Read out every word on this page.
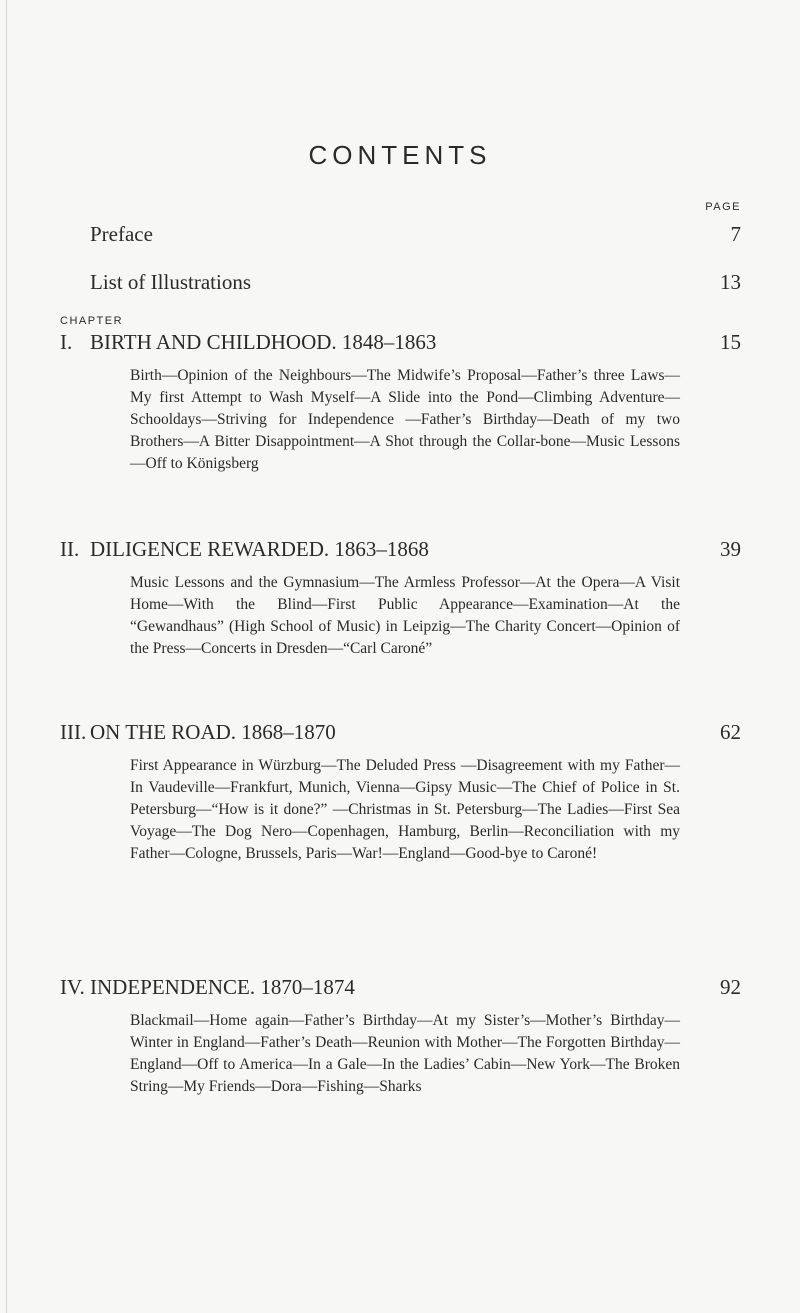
CONTENTS
PAGE
Preface	7
List of Illustrations	13
CHAPTER
I. BIRTH AND CHILDHOOD. 1848–1863	15
Birth—Opinion of the Neighbours—The Midwife’s Proposal—Father’s three Laws—My first Attempt to Wash Myself—A Slide into the Pond—Climbing Adventure—Schooldays—Striving for Independence —Father’s Birthday—Death of my two Brothers—A Bitter Disappointment—A Shot through the Collar-bone—Music Lessons—Off to Königsberg
II. DILIGENCE REWARDED. 1863–1868	39
Music Lessons and the Gymnasium—The Armless Professor—At the Opera—A Visit Home—With the Blind—First Public Appearance—Examination—At the “Gewandhaus” (High School of Music) in Leipzig—The Charity Concert—Opinion of the Press—Concerts in Dresden—“Carl Caroné”
III. ON THE ROAD. 1868–1870	62
First Appearance in Würzburg—The Deluded Press —Disagreement with my Father—In Vaudeville—Frankfurt, Munich, Vienna—Gipsy Music—The Chief of Police in St. Petersburg—“How is it done?” —Christmas in St. Petersburg—The Ladies—First Sea Voyage—The Dog Nero—Copenhagen, Hamburg, Berlin—Reconciliation with my Father—Cologne, Brussels, Paris—War!—England—Good-bye to Caroné!
IV. INDEPENDENCE. 1870–1874	92
Blackmail—Home again—Father’s Birthday—At my Sister’s—Mother’s Birthday—Winter in England—Father’s Death—Reunion with Mother—The Forgotten Birthday—England—Off to America—In a Gale—In the Ladies’ Cabin—New York—The Broken String—My Friends—Dora—Fishing—Sharks
